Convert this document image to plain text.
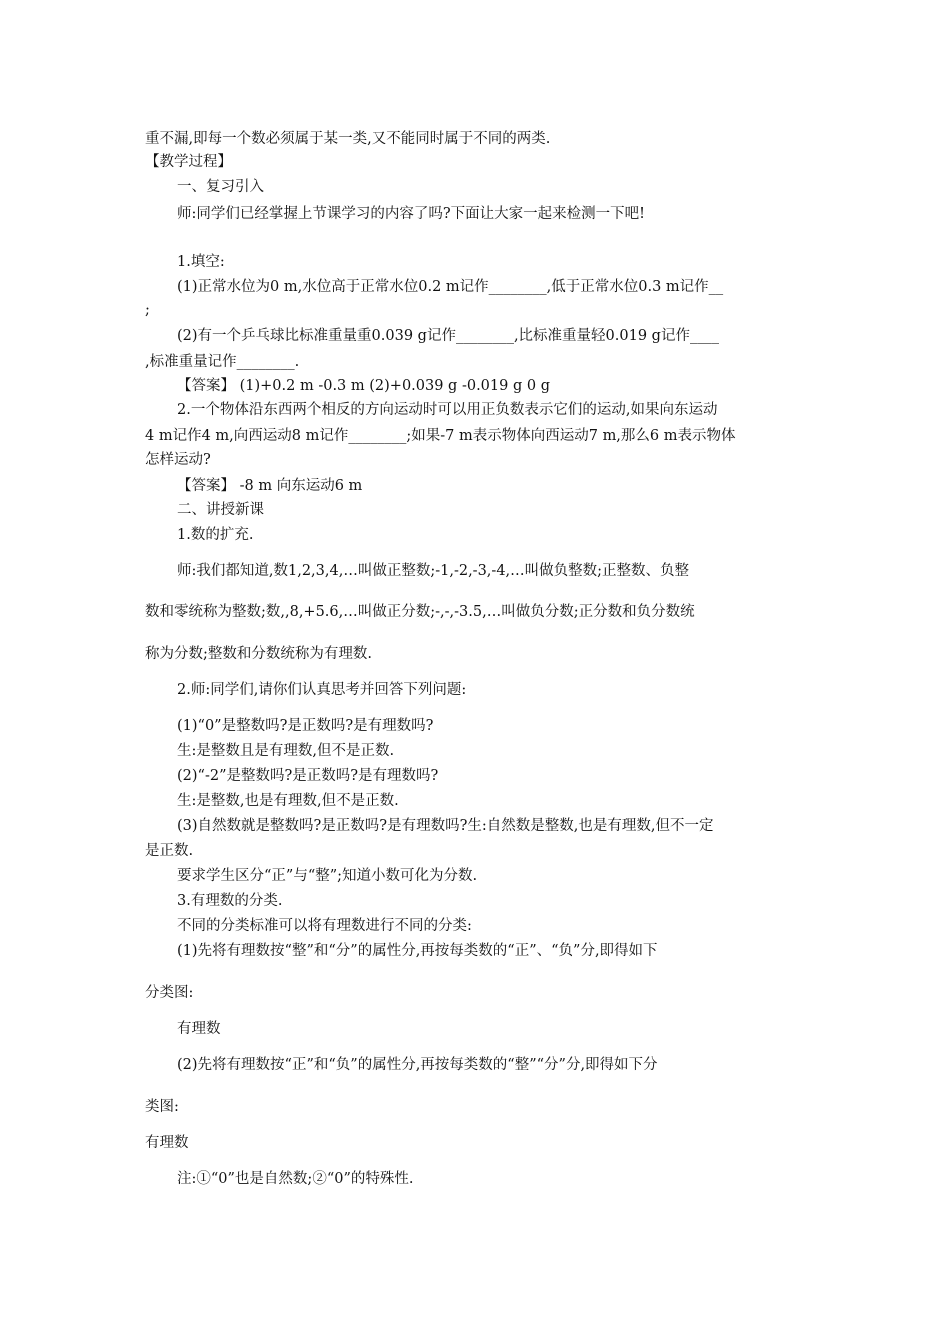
重不漏,即每一个数必须属于某一类,又不能同时属于不同的两类.
【教学过程】
一、复习引入
师:同学们已经掌握上节课学习的内容了吗?下面让大家一起来检测一下吧!
1.填空:
(1)正常水位为0 m,水位高于正常水位0.2 m记作________,低于正常水位0.3 m记作__
;
(2)有一个乒乓球比标准重量重0.039 g记作________,比标准重量轻0.019 g记作____
,标准重量记作________.
【答案】 (1)+0.2 m -0.3 m (2)+0.039 g -0.019 g 0 g
2.一个物体沿东西两个相反的方向运动时可以用正负数表示它们的运动,如果向东运动
4 m记作4 m,向西运动8 m记作________;如果-7 m表示物体向西运动7 m,那么6 m表示物体
怎样运动?
【答案】 -8 m 向东运动6 m
二、讲授新课
1.数的扩充.
师:我们都知道,数1,2,3,4,…叫做正整数;-1,-2,-3,-4,…叫做负整数;正整数、负整
数和零统称为整数;数,,8,+5.6,…叫做正分数;-,-,-3.5,…叫做负分数;正分数和负分数统
称为分数;整数和分数统称为有理数.
2.师:同学们,请你们认真思考并回答下列问题:
(1)“0”是整数吗?是正数吗?是有理数吗?
生:是整数且是有理数,但不是正数.
(2)“-2”是整数吗?是正数吗?是有理数吗?
生:是整数,也是有理数,但不是正数.
(3)自然数就是整数吗?是正数吗?是有理数吗?生:自然数是整数,也是有理数,但不一定
是正数.
要求学生区分“正”与“整”;知道小数可化为分数.
3.有理数的分类.
不同的分类标准可以将有理数进行不同的分类:
(1)先将有理数按“整”和“分”的属性分,再按每类数的“正”、“负”分,即得如下
分类图:
有理数
(2)先将有理数按“正”和“负”的属性分,再按每类数的“整”“分”分,即得如下分
类图:
有理数
注:①“0”也是自然数;②“0”的特殊性.
